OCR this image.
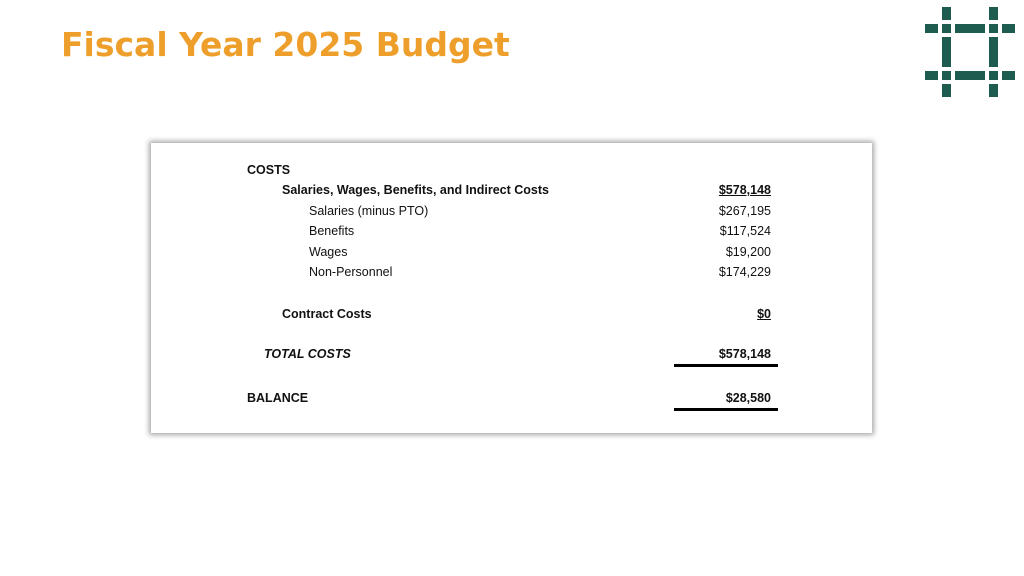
Fiscal Year 2025 Budget
COSTS
Salaries, Wages, Benefits, and Indirect Costs	$578,148
Salaries (minus PTO)	$267,195
Benefits	$117,524
Wages	$19,200
Non-Personnel	$174,229
Contract Costs	$0
TOTAL COSTS	$578,148
BALANCE	$28,580
